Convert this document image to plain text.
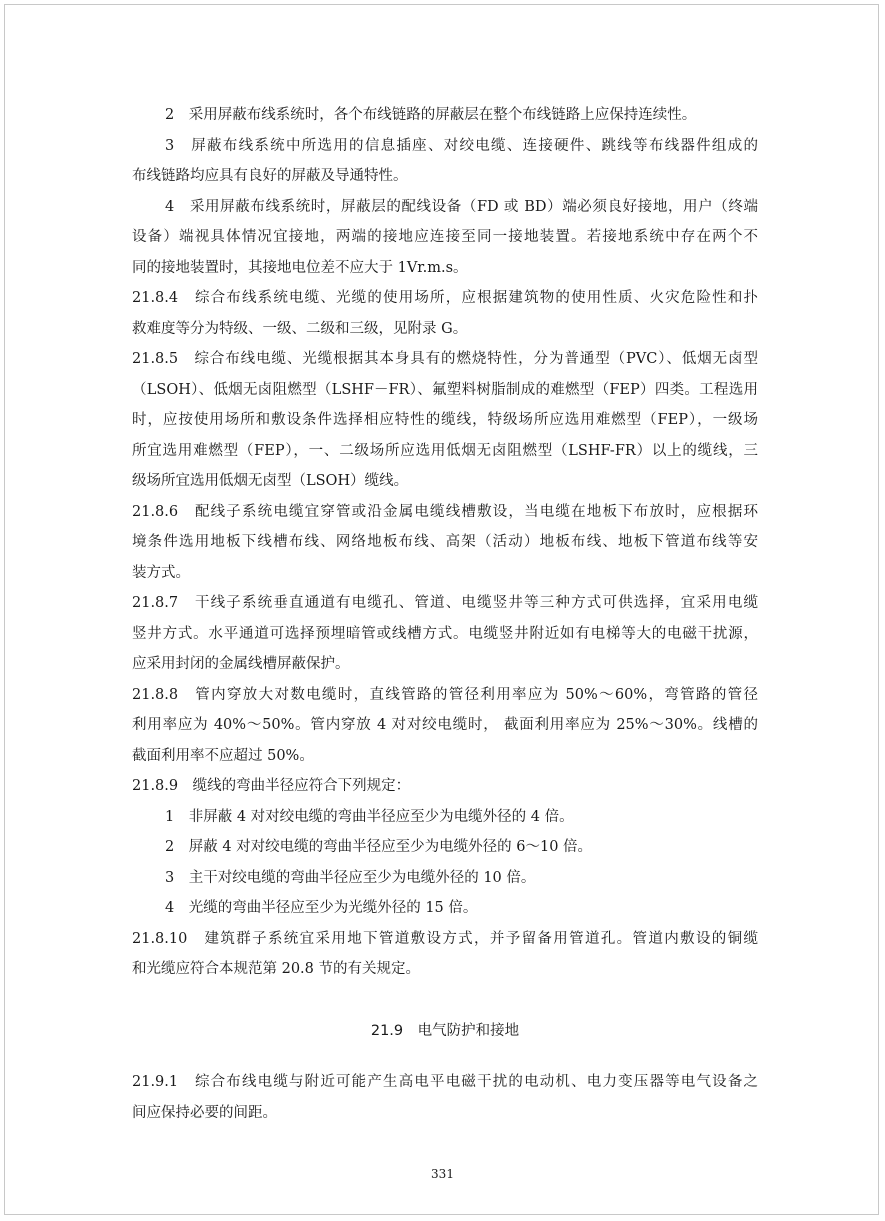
2　采用屏蔽布线系统时，各个布线链路的屏蔽层在整个布线链路上应保持连续性。
3　屏蔽布线系统中所选用的信息插座、对绞电缆、连接硬件、跳线等布线器件组成的
布线链路均应具有良好的屏蔽及导通特性。
4　采用屏蔽布线系统时，屏蔽层的配线设备（FD 或 BD）端必须良好接地，用户（终端
设备）端视具体情况宜接地，两端的接地应连接至同一接地装置。若接地系统中存在两个不
同的接地装置时，其接地电位差不应大于 1Vr.m.s。
21.8.4　综合布线系统电缆、光缆的使用场所，应根据建筑物的使用性质、火灾危险性和扑
救难度等分为特级、一级、二级和三级，见附录 G。
21.8.5　综合布线电缆、光缆根据其本身具有的燃烧特性，分为普通型（PVC）、低烟无卤型
（LSOH）、低烟无卤阻燃型（LSHF－FR）、氟塑料树脂制成的难燃型（FEP）四类。工程选用
时，应按使用场所和敷设条件选择相应特性的缆线，特级场所应选用难燃型（FEP），一级场
所宜选用难燃型（FEP），一、二级场所应选用低烟无卤阻燃型（LSHF-FR）以上的缆线，三
级场所宜选用低烟无卤型（LSOH）缆线。
21.8.6　配线子系统电缆宜穿管或沿金属电缆线槽敷设，当电缆在地板下布放时，应根据环
境条件选用地板下线槽布线、网络地板布线、高架（活动）地板布线、地板下管道布线等安
装方式。
21.8.7　干线子系统垂直通道有电缆孔、管道、电缆竖井等三种方式可供选择，宜采用电缆
竖井方式。水平通道可选择预埋暗管或线槽方式。电缆竖井附近如有电梯等大的电磁干扰源，
应采用封闭的金属线槽屏蔽保护。
21.8.8　管内穿放大对数电缆时，直线管路的管径利用率应为 50%～60%，弯管路的管径
利用率应为 40%～50%。管内穿放 4 对对绞电缆时， 截面利用率应为 25%～30%。线槽的
截面利用率不应超过 50%。
21.8.9　缆线的弯曲半径应符合下列规定：
1　非屏蔽 4 对对绞电缆的弯曲半径应至少为电缆外径的 4 倍。
2　屏蔽 4 对对绞电缆的弯曲半径应至少为电缆外径的 6～10 倍。
3　主干对绞电缆的弯曲半径应至少为电缆外径的 10 倍。
4　光缆的弯曲半径应至少为光缆外径的 15 倍。
21.8.10　建筑群子系统宜采用地下管道敷设方式，并予留备用管道孔。管道内敷设的铜缆
和光缆应符合本规范第 20.8 节的有关规定。
21.9　电气防护和接地
21.9.1　综合布线电缆与附近可能产生高电平电磁干扰的电动机、电力变压器等电气设备之
间应保持必要的间距。
331
